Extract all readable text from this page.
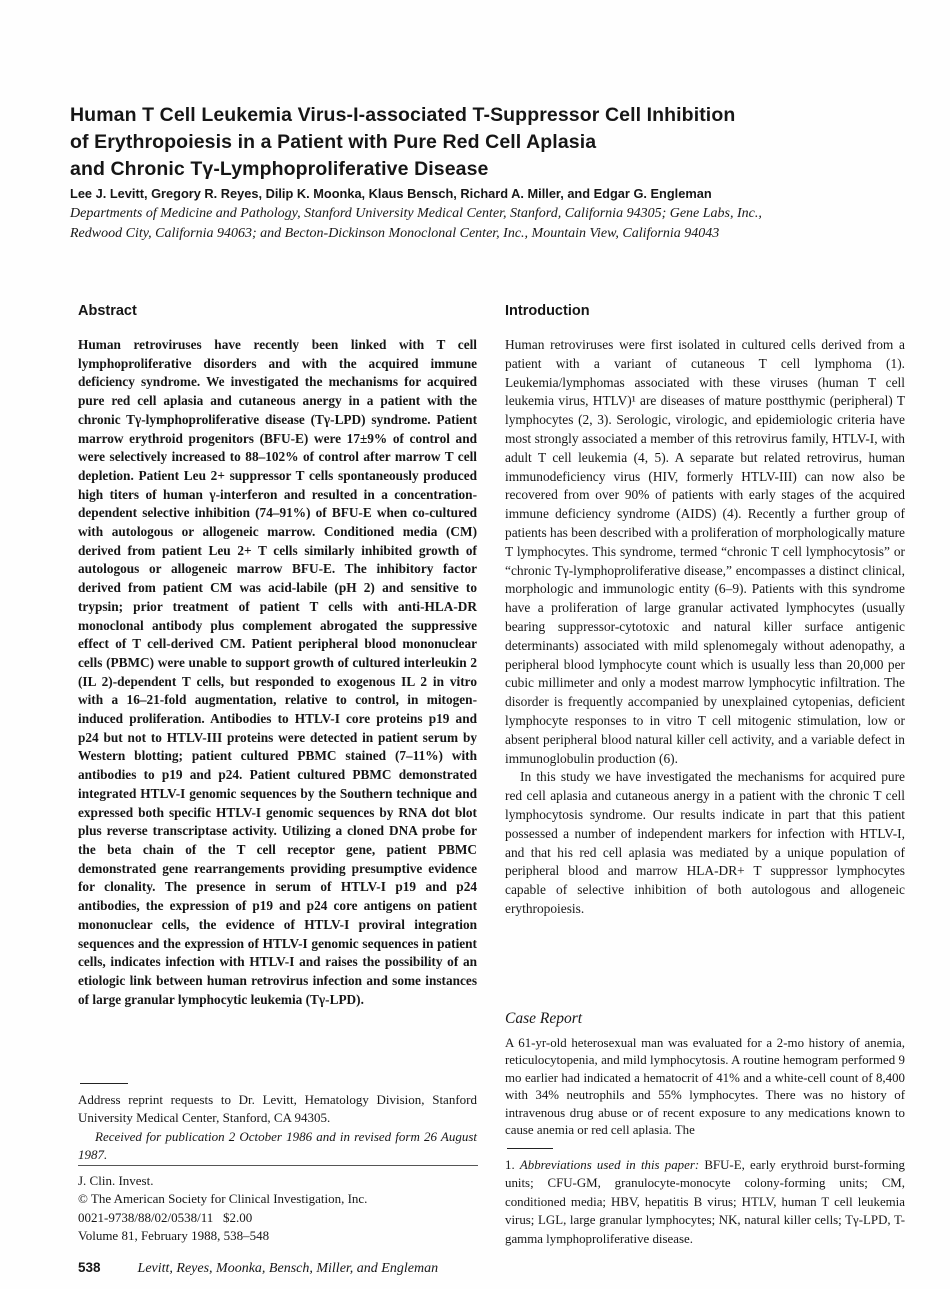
Human T Cell Leukemia Virus-I-associated T-Suppressor Cell Inhibition
of Erythropoiesis in a Patient with Pure Red Cell Aplasia
and Chronic Tγ-Lymphoproliferative Disease
Lee J. Levitt, Gregory R. Reyes, Dilip K. Moonka, Klaus Bensch, Richard A. Miller, and Edgar G. Engleman
Departments of Medicine and Pathology, Stanford University Medical Center, Stanford, California 94305; Gene Labs, Inc.,
Redwood City, California 94063; and Becton-Dickinson Monoclonal Center, Inc., Mountain View, California 94043
Abstract
Human retroviruses have recently been linked with T cell lymphoproliferative disorders and with the acquired immune deficiency syndrome. We investigated the mechanisms for acquired pure red cell aplasia and cutaneous anergy in a patient with the chronic Tγ-lymphoproliferative disease (Tγ-LPD) syndrome. Patient marrow erythroid progenitors (BFU-E) were 17±9% of control and were selectively increased to 88–102% of control after marrow T cell depletion. Patient Leu 2+ suppressor T cells spontaneously produced high titers of human γ-interferon and resulted in a concentration-dependent selective inhibition (74–91%) of BFU-E when co-cultured with autologous or allogeneic marrow. Conditioned media (CM) derived from patient Leu 2+ T cells similarly inhibited growth of autologous or allogeneic marrow BFU-E. The inhibitory factor derived from patient CM was acid-labile (pH 2) and sensitive to trypsin; prior treatment of patient T cells with anti-HLA-DR monoclonal antibody plus complement abrogated the suppressive effect of T cell-derived CM. Patient peripheral blood mononuclear cells (PBMC) were unable to support growth of cultured interleukin 2 (IL 2)-dependent T cells, but responded to exogenous IL 2 in vitro with a 16–21-fold augmentation, relative to control, in mitogen-induced proliferation. Antibodies to HTLV-I core proteins p19 and p24 but not to HTLV-III proteins were detected in patient serum by Western blotting; patient cultured PBMC stained (7–11%) with antibodies to p19 and p24. Patient cultured PBMC demonstrated integrated HTLV-I genomic sequences by the Southern technique and expressed both specific HTLV-I genomic sequences by RNA dot blot plus reverse transcriptase activity. Utilizing a cloned DNA probe for the beta chain of the T cell receptor gene, patient PBMC demonstrated gene rearrangements providing presumptive evidence for clonality. The presence in serum of HTLV-I p19 and p24 antibodies, the expression of p19 and p24 core antigens on patient mononuclear cells, the evidence of HTLV-I proviral integration sequences and the expression of HTLV-I genomic sequences in patient cells, indicates infection with HTLV-I and raises the possibility of an etiologic link between human retrovirus infection and some instances of large granular lymphocytic leukemia (Tγ-LPD).
Introduction

Human retroviruses were first isolated in cultured cells derived from a patient with a variant of cutaneous T cell lymphoma (1). Leukemia/lymphomas associated with these viruses (human T cell leukemia virus, HTLV)¹ are diseases of mature postthymic (peripheral) T lymphocytes (2, 3). Serologic, virologic, and epidemiologic criteria have most strongly associated a member of this retrovirus family, HTLV-I, with adult T cell leukemia (4, 5). A separate but related retrovirus, human immunodeficiency virus (HIV, formerly HTLV-III) can now also be recovered from over 90% of patients with early stages of the acquired immune deficiency syndrome (AIDS) (4). Recently a further group of patients has been described with a proliferation of morphologically mature T lymphocytes. This syndrome, termed “chronic T cell lymphocytosis” or “chronic Tγ-lymphoproliferative disease,” encompasses a distinct clinical, morphologic and immunologic entity (6–9). Patients with this syndrome have a proliferation of large granular activated lymphocytes (usually bearing suppressor-cytotoxic and natural killer surface antigenic determinants) associated with mild splenomegaly without adenopathy, a peripheral blood lymphocyte count which is usually less than 20,000 per cubic millimeter and only a modest marrow lymphocytic infiltration. The disorder is frequently accompanied by unexplained cytopenias, deficient lymphocyte responses to in vitro T cell mitogenic stimulation, low or absent peripheral blood natural killer cell activity, and a variable defect in immunoglobulin production (6).

In this study we have investigated the mechanisms for acquired pure red cell aplasia and cutaneous anergy in a patient with the chronic T cell lymphocytosis syndrome. Our results indicate in part that this patient possessed a number of independent markers for infection with HTLV-I, and that his red cell aplasia was mediated by a unique population of peripheral blood and marrow HLA-DR+ T suppressor lymphocytes capable of selective inhibition of both autologous and allogeneic erythropoiesis.

Case Report
A 61-yr-old heterosexual man was evaluated for a 2-mo history of anemia, reticulocytopenia, and mild lymphocytosis. A routine hemogram performed 9 mo earlier had indicated a hematocrit of 41% and a white-cell count of 8,400 with 34% neutrophils and 55% lymphocytes. There was no history of intravenous drug abuse or of recent exposure to any medications known to cause anemia or red cell aplasia. The

Address reprint requests to Dr. Levitt, Hematology Division, Stanford University Medical Center, Stanford, CA 94305.

Received for publication 2 October 1986 and in revised form 26 August 1987.

J. Clin. Invest.
© The American Society for Clinical Investigation, Inc.
0021-9738/88/02/0538/11   $2.00
Volume 81, February 1988, 538–548
1. Abbreviations used in this paper: BFU-E, early erythroid burst-forming units; CFU-GM, granulocyte-monocyte colony-forming units; CM, conditioned media; HBV, hepatitis B virus; HTLV, human T cell leukemia virus; LGL, large granular lymphocytes; NK, natural killer cells; Tγ-LPD, T-gamma lymphoproliferative disease.
538	Levitt, Reyes, Moonka, Bensch, Miller, and Engleman
